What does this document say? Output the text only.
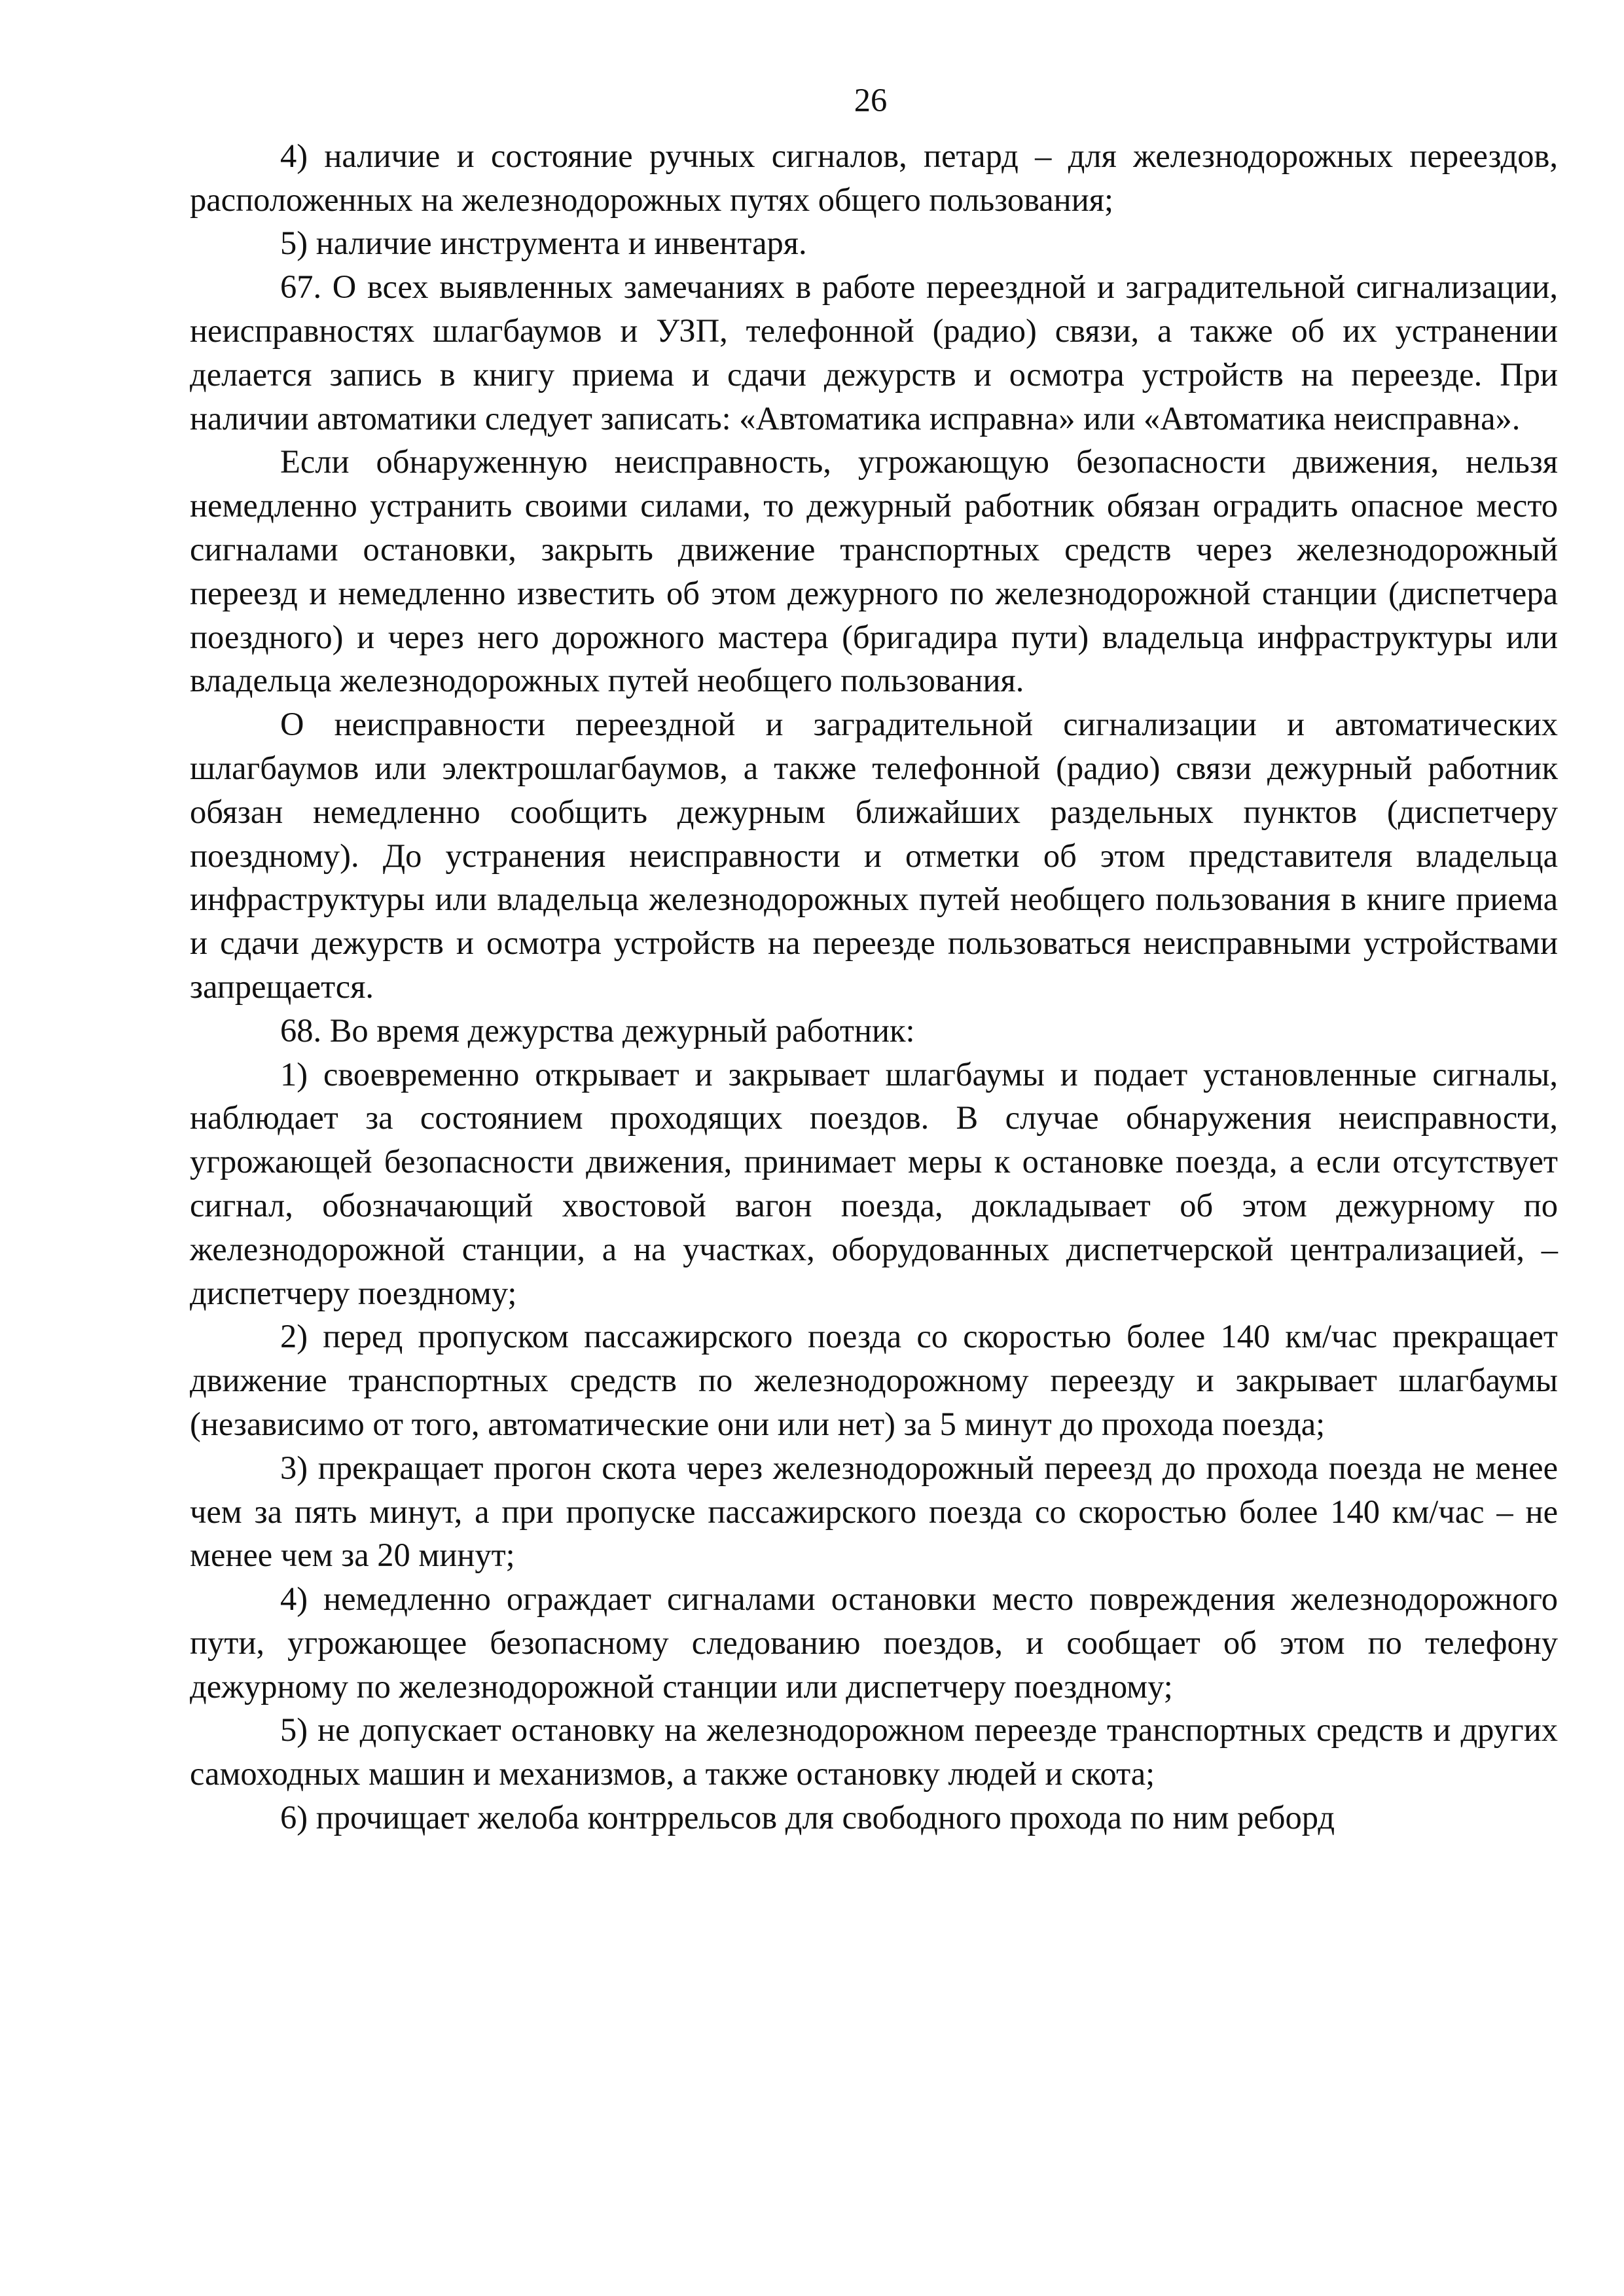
26

4) наличие и состояние ручных сигналов, петард – для железнодорожных переездов, расположенных на железнодорожных путях общего пользования;

5) наличие инструмента и инвентаря.

67. О всех выявленных замечаниях в работе переездной и заградительной сигнализации, неисправностях шлагбаумов и УЗП, телефонной (радио) связи, а также об их устранении делается запись в книгу приема и сдачи дежурств и осмотра устройств на переезде. При наличии автоматики следует записать: «Автоматика исправна» или «Автоматика неисправна».

Если обнаруженную неисправность, угрожающую безопасности движения, нельзя немедленно устранить своими силами, то дежурный работник обязан оградить опасное место сигналами остановки, закрыть движение транспортных средств через железнодорожный переезд и немедленно известить об этом дежурного по железнодорожной станции (диспетчера поездного) и через него дорожного мастера (бригадира пути) владельца инфраструктуры или владельца железнодорожных путей необщего пользования.

О неисправности переездной и заградительной сигнализации и автоматических шлагбаумов или электрошлагбаумов, а также телефонной (радио) связи дежурный работник обязан немедленно сообщить дежурным ближайших раздельных пунктов (диспетчеру поездному). До устранения неисправности и отметки об этом представителя владельца инфраструктуры или владельца железнодорожных путей необщего пользования в книге приема и сдачи дежурств и осмотра устройств на переезде пользоваться неисправными устройствами запрещается.

68. Во время дежурства дежурный работник:

1) своевременно открывает и закрывает шлагбаумы и подает установленные сигналы, наблюдает за состоянием проходящих поездов. В случае обнаружения неисправности, угрожающей безопасности движения, принимает меры к остановке поезда, а если отсутствует сигнал, обозначающий хвостовой вагон поезда, докладывает об этом дежурному по железнодорожной станции, а на участках, оборудованных диспетчерской централизацией, – диспетчеру поездному;

2) перед пропуском пассажирского поезда со скоростью более 140 км/час прекращает движение транспортных средств по железнодорожному переезду и закрывает шлагбаумы (независимо от того, автоматические они или нет) за 5 минут до прохода поезда;

3) прекращает прогон скота через железнодорожный переезд до прохода поезда не менее чем за пять минут, а при пропуске пассажирского поезда со скоростью более 140 км/час – не менее чем за 20 минут;

4) немедленно ограждает сигналами остановки место повреждения железнодорожного пути, угрожающее безопасному следованию поездов, и сообщает об этом по телефону дежурному по железнодорожной станции или диспетчеру поездному;

5) не допускает остановку на железнодорожном переезде транспортных средств и других самоходных машин и механизмов, а также остановку людей и скота;

6) прочищает желоба контррельсов для свободного прохода по ним реборд
